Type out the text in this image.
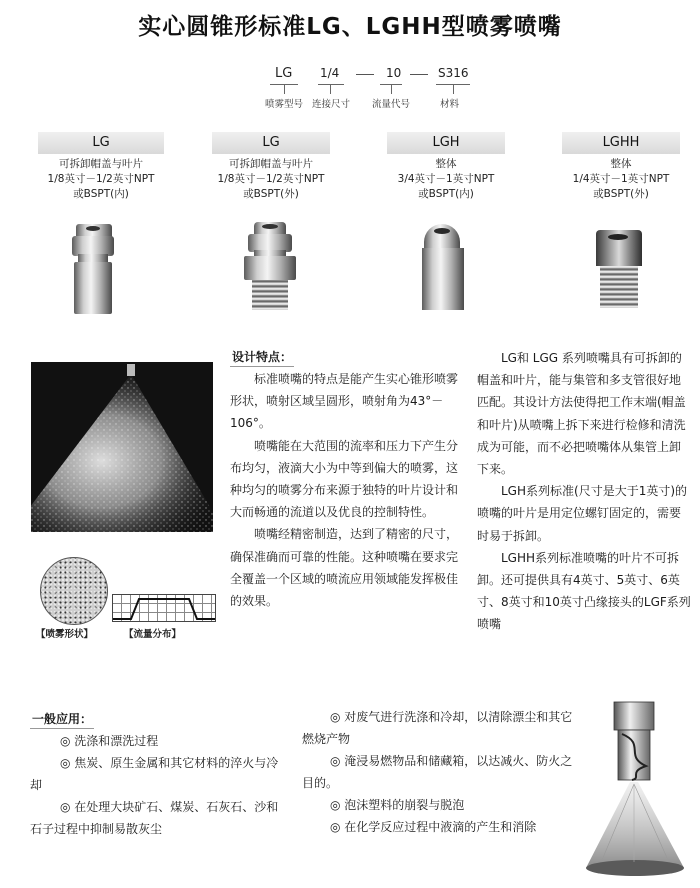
实心圆锥形标准LG、LGHH型喷雾喷嘴
LG 1/4	10	S316
喷雾型号 连接尺寸 流量代号	材料
LG
可拆卸帽盖与叶片
1/8英寸－1/2英寸NPT
或BSPT(内)
LG
可拆卸帽盖与叶片
1/8英寸－1/2英寸NPT
或BSPT(外)
LGH
整体
3/4英寸－1英寸NPT
或BSPT(内)
LGHH
整体
1/4英寸－1英寸NPT
或BSPT(外)
【喷雾形状】	【流量分布】
设计特点：

标准喷嘴的特点是能产生实心锥形喷雾形状，喷射区域呈圆形，喷射角为43°－106°。

喷嘴能在大范围的流率和压力下产生分布均匀，液滴大小为中等到偏大的喷雾，这种均匀的喷雾分布来源于独特的叶片设计和大而畅通的流道以及优良的控制特性。

喷嘴经精密制造，达到了精密的尺寸，确保准确而可靠的性能。这种喷嘴在要求完全覆盖一个区域的喷流应用领域能发挥极佳的效果。

LG和 LGG 系列喷嘴具有可拆卸的帽盖和叶片，能与集管和多支管很好地匹配。其设计方法使得把工作末端(帽盖和叶片)从喷嘴上拆下来进行检修和清洗成为可能，而不必把喷嘴体从集管上卸下来。

LGH系列标准(尺寸是大于1英寸)的喷嘴的叶片是用定位螺钉固定的，需要时易于拆卸。

LGHH系列标准喷嘴的叶片不可拆卸。还可提供具有4英寸、5英寸、6英寸、8英寸和10英寸凸缘接头的LGF系列喷嘴

一般应用：
◎ 洗涤和漂洗过程
◎ 焦炭、原生金属和其它材料的淬火与冷却
◎ 在处理大块矿石、煤炭、石灰石、沙和石子过程中抑制易散灰尘
◎ 对废气进行洗涤和冷却，以清除漂尘和其它燃烧产物
◎ 淹浸易燃物品和储藏箱，以达减火、防火之目的。
◎ 泡沫塑料的崩裂与脱泡
◎ 在化学反应过程中液滴的产生和消除
